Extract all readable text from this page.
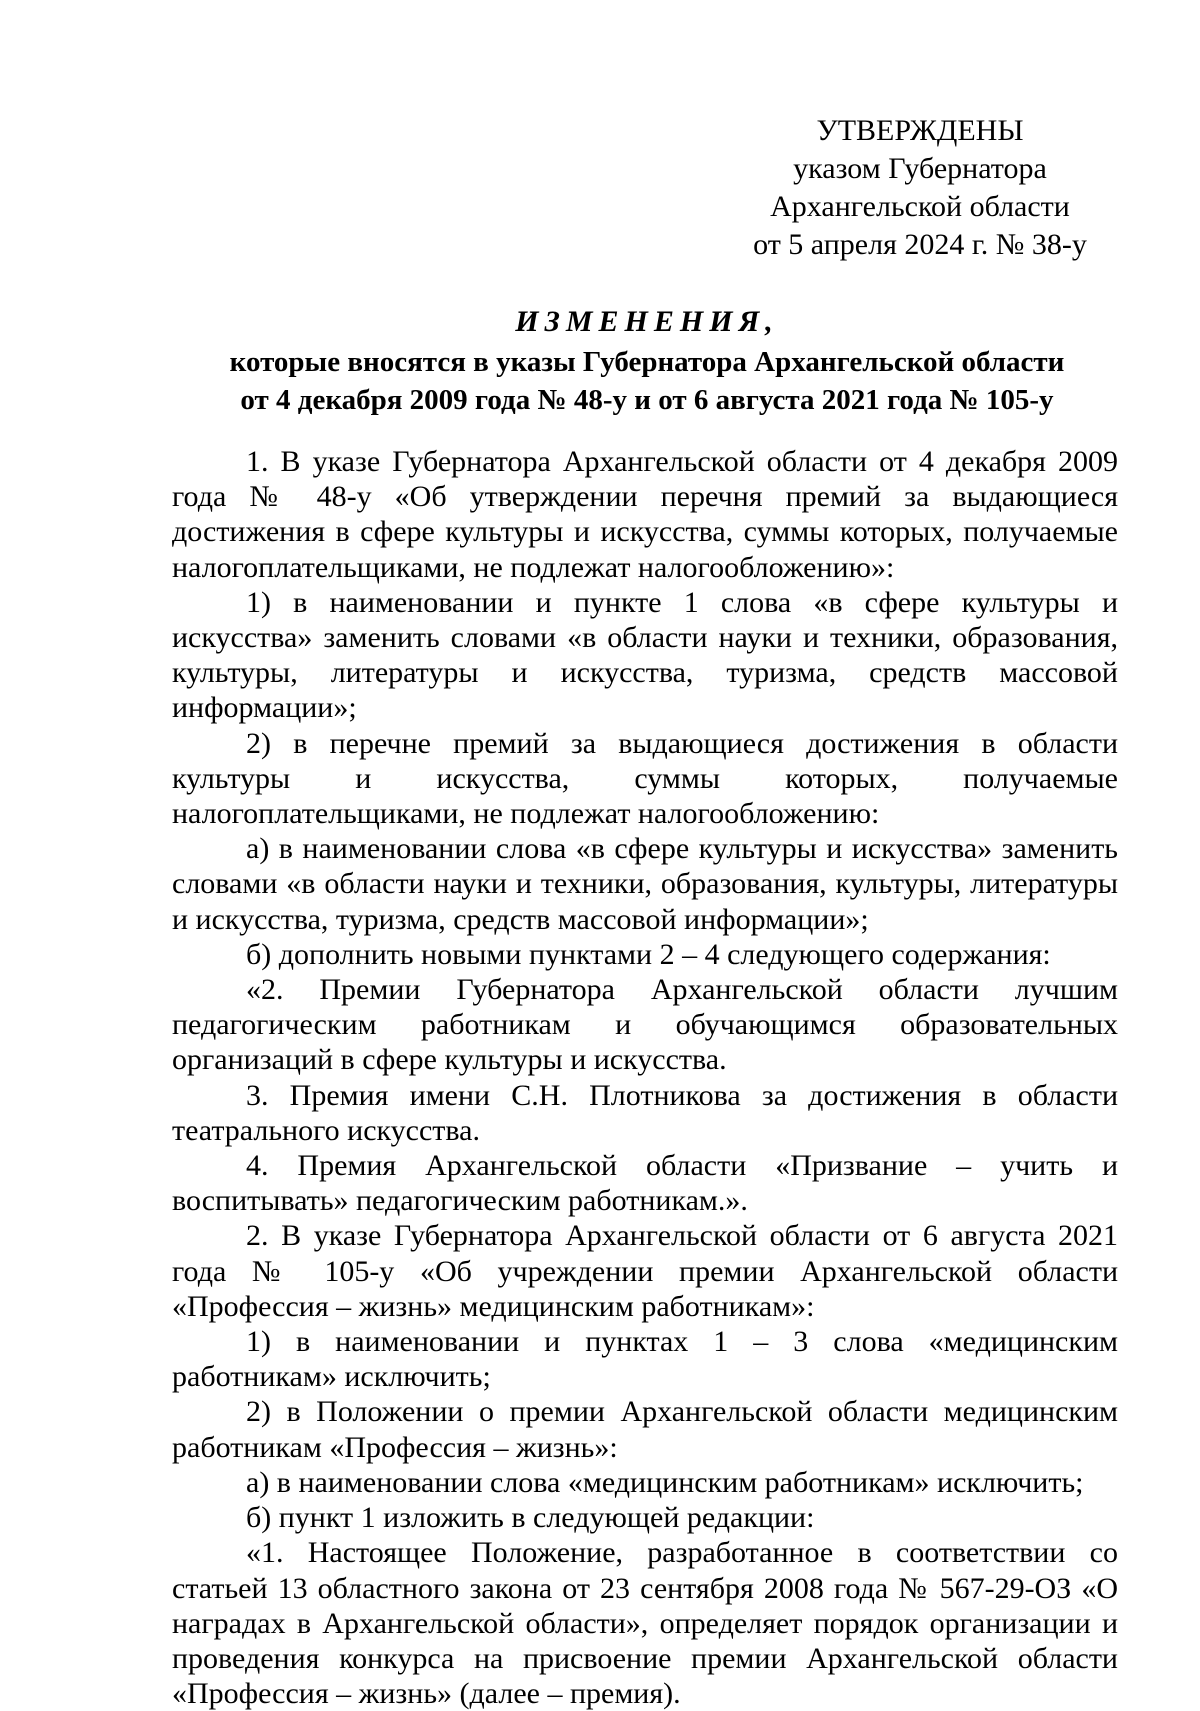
УТВЕРЖДЕНЫ
указом Губернатора
Архангельской области
от 5 апреля 2024 г. № 38-у
ИЗМЕНЕНИЯ,
которые вносятся в указы Губернатора Архангельской области
от 4 декабря 2009 года № 48-у и от 6 августа 2021 года № 105-у

1. В указе Губернатора Архангельской области от 4 декабря 2009 года № 48-у «Об утверждении перечня премий за выдающиеся достижения в сфере культуры и искусства, суммы которых, получаемые налогоплательщиками, не подлежат налогообложению»:

1) в наименовании и пункте 1 слова «в сфере культуры и искусства» заменить словами «в области науки и техники, образования, культуры, литературы и искусства, туризма, средств массовой информации»;

2) в перечне премий за выдающиеся достижения в области культуры и искусства, суммы которых, получаемые налогоплательщиками, не подлежат налогообложению:

а) в наименовании слова «в сфере культуры и искусства» заменить словами «в области науки и техники, образования, культуры, литературы и искусства, туризма, средств массовой информации»;

б) дополнить новыми пунктами 2 – 4 следующего содержания:

«2. Премии Губернатора Архангельской области лучшим педагогическим работникам и обучающимся образовательных организаций в сфере культуры и искусства.

3. Премия имени С.Н. Плотникова за достижения в области театрального искусства.

4. Премия Архангельской области «Призвание – учить и воспитывать» педагогическим работникам.».

2. В указе Губернатора Архангельской области от 6 августа 2021 года № 105-у «Об учреждении премии Архангельской области «Профессия – жизнь» медицинским работникам»:

1) в наименовании и пунктах 1 – 3 слова «медицинским работникам» исключить;

2) в Положении о премии Архангельской области медицинским работникам «Профессия – жизнь»:

а) в наименовании слова «медицинским работникам» исключить;

б) пункт 1 изложить в следующей редакции:

«1. Настоящее Положение, разработанное в соответствии со статьей 13 областного закона от 23 сентября 2008 года № 567-29-ОЗ «О наградах в Архангельской области», определяет порядок организации и проведения конкурса на присвоение премии Архангельской области «Профессия – жизнь» (далее – премия).
